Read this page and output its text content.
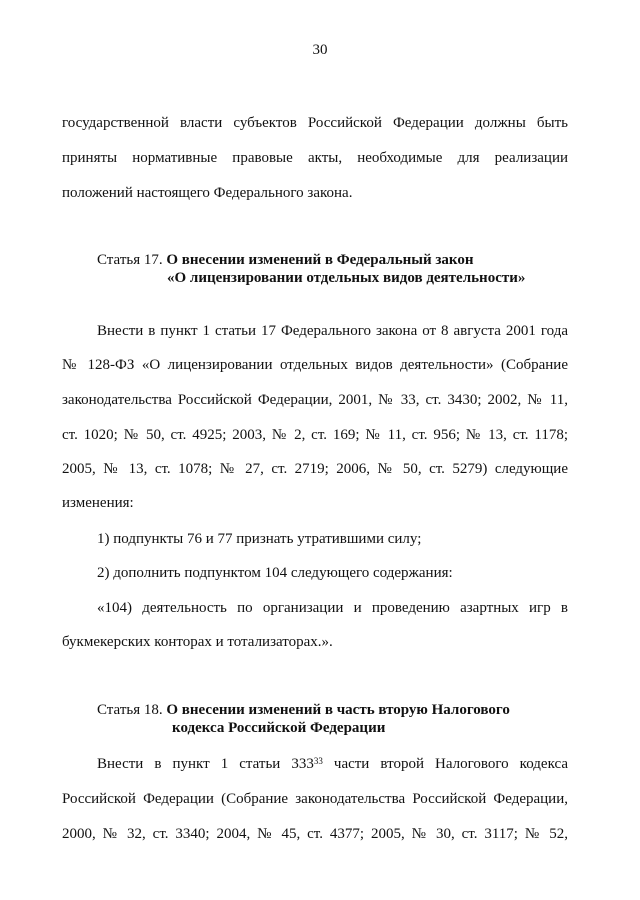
30
государственной власти субъектов Российской Федерации должны быть
приняты нормативные правовые акты, необходимые для реализации
положений настоящего Федерального закона.
Статья 17. О внесении изменений в Федеральный закон
«О лицензировании отдельных видов деятельности»
Внести в пункт 1 статьи 17 Федерального закона от 8 августа 2001 года
№ 128-ФЗ «О лицензировании отдельных видов деятельности» (Собрание
законодательства Российской Федерации, 2001, № 33, ст. 3430; 2002, № 11,
ст. 1020; № 50, ст. 4925; 2003, № 2, ст. 169; № 11, ст. 956; № 13, ст. 1178;
2005, № 13, ст. 1078; № 27, ст. 2719; 2006, № 50, ст. 5279) следующие
изменения:
1) подпункты 76 и 77 признать утратившими силу;
2) дополнить подпунктом 104 следующего содержания:
«104) деятельность по организации и проведению азартных игр в
букмекерских конторах и тотализаторах.».
Статья 18. О внесении изменений в часть вторую Налогового
кодекса Российской Федерации
Внести в пункт 1 статьи $333^{33}$ части второй Налогового кодекса
Российской Федерации (Собрание законодательства Российской Федерации,
2000, № 32, ст. 3340; 2004, № 45, ст. 4377; 2005, № 30, ст. 3117; № 52,
